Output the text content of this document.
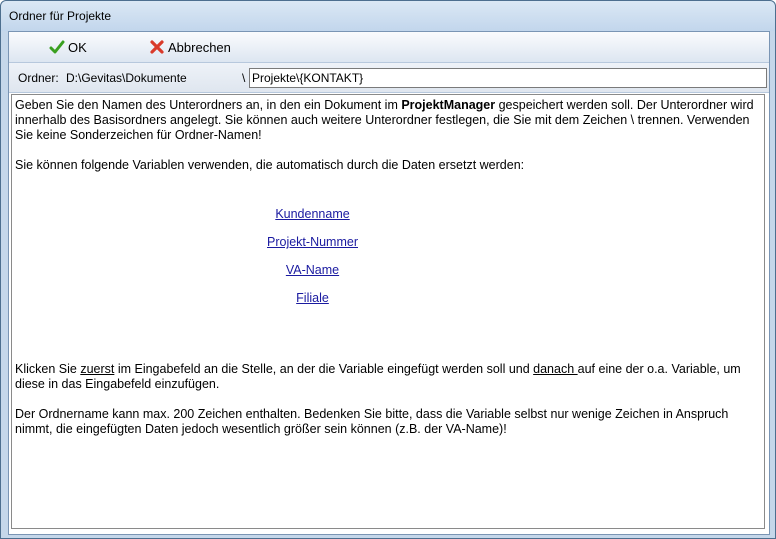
Ordner für Projekte
OK	Abbrechen
Ordner: D:\Gevitas\Dokumente	\
Projekte\{KONTAKT}

Geben Sie den Namen des Unterordners an, in den ein Dokument im ProjektManager gespeichert werden soll. Der Unterordner wird innerhalb des Basisordners angelegt. Sie können auch weitere Unterordner festlegen, die Sie mit dem Zeichen \ trennen. Verwenden Sie keine Sonderzeichen für Ordner-Namen!

Sie können folgende Variablen verwenden, die automatisch durch die Daten ersetzt werden:

Kundenname
Projekt-Nummer
VA-Name
Filiale

Klicken Sie zuerst im Eingabefeld an die Stelle, an der die Variable eingefügt werden soll und danach auf eine der o.a. Variable, um diese in das Eingabefeld einzufügen.

Der Ordnername kann max. 200 Zeichen enthalten. Bedenken Sie bitte, dass die Variable selbst nur wenige Zeichen in Anspruch nimmt, die eingefügten Daten jedoch wesentlich größer sein können (z.B. der VA-Name)!
